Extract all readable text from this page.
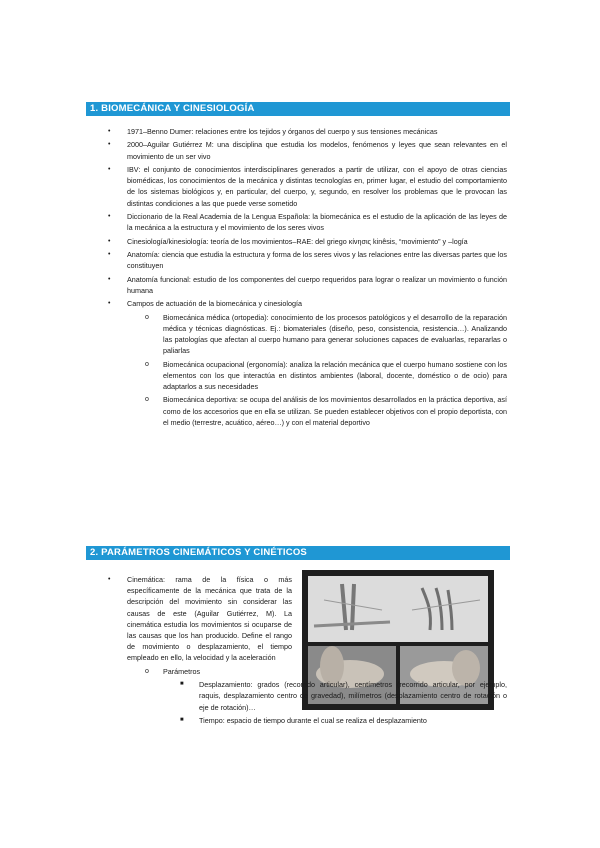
1. BIOMECÁNICA Y CINESIOLOGÍA
• 1971–Benno Dumer: relaciones entre los tejidos y órganos del cuerpo y sus tensiones mecánicas
• 2000–Aguilar Gutiérrez M: una disciplina que estudia los modelos, fenómenos y leyes que sean relevantes en el movimiento de un ser vivo
• IBV: el conjunto de conocimientos interdisciplinares generados a partir de utilizar, con el apoyo de otras ciencias biomédicas, los conocimientos de la mecánica y distintas tecnologías en, primer lugar, el estudio del comportamiento de los sistemas biológicos y, en particular, del cuerpo, y, segundo, en resolver los problemas que le provocan las distintas condiciones a las que puede verse sometido
• Diccionario de la Real Academia de la Lengua Española: la biomecánica es el estudio de la aplicación de las leyes de la mecánica a la estructura y el movimiento de los seres vivos
• Cinesiología/kinesiología: teoría de los movimientos–RAE: del griego κίνησις kinêsis, “movimiento” y –logía
• Anatomía: ciencia que estudia la estructura y forma de los seres vivos y las relaciones entre las diversas partes que los constituyen
• Anatomía funcional: estudio de los componentes del cuerpo requeridos para lograr o realizar un movimiento o función humana
• Campos de actuación de la biomecánica y cinesiología
o Biomecánica médica (ortopedia): conocimiento de los procesos patológicos y el desarrollo de la reparación médica y técnicas diagnósticas. Ej.: biomateriales (diseño, peso, consistencia, resistencia…). Analizando las patologías que afectan al cuerpo humano para generar soluciones capaces de evaluarlas, repararlas o paliarlas
o Biomecánica ocupacional (ergonomía): analiza la relación mecánica que el cuerpo humano sostiene con los elementos con los que interactúa en distintos ambientes (laboral, docente, doméstico o de ocio) para adaptarlos a sus necesidades
o Biomecánica deportiva: se ocupa del análisis de los movimientos desarrollados en la práctica deportiva, así como de los accesorios que en ella se utilizan. Se pueden establecer objetivos con el propio deportista, con el medio (terrestre, acuático, aéreo…) y con el material deportivo
2. PARÁMETROS CINEMÁTICOS Y CINÉTICOS
• Cinemática: rama de la física o más específicamente de la mecánica que trata de la descripción del movimiento sin considerar las causas de este (Aguilar Gutiérrez, M). La cinemática estudia los movimientos si ocuparse de las causas que los han producido. Define el rango de movimiento o desplazamiento, el tiempo empleado en ello, la velocidad y la aceleración
o Parámetros
■ Desplazamiento: grados (recorrido articular), centímetros (recorrido articular, por ejemplo, raquis, desplazamiento centro de gravedad), milímetros (desplazamiento centro de rotación o eje de rotación)…
■ Tiempo: espacio de tiempo durante el cual se realiza el desplazamiento
